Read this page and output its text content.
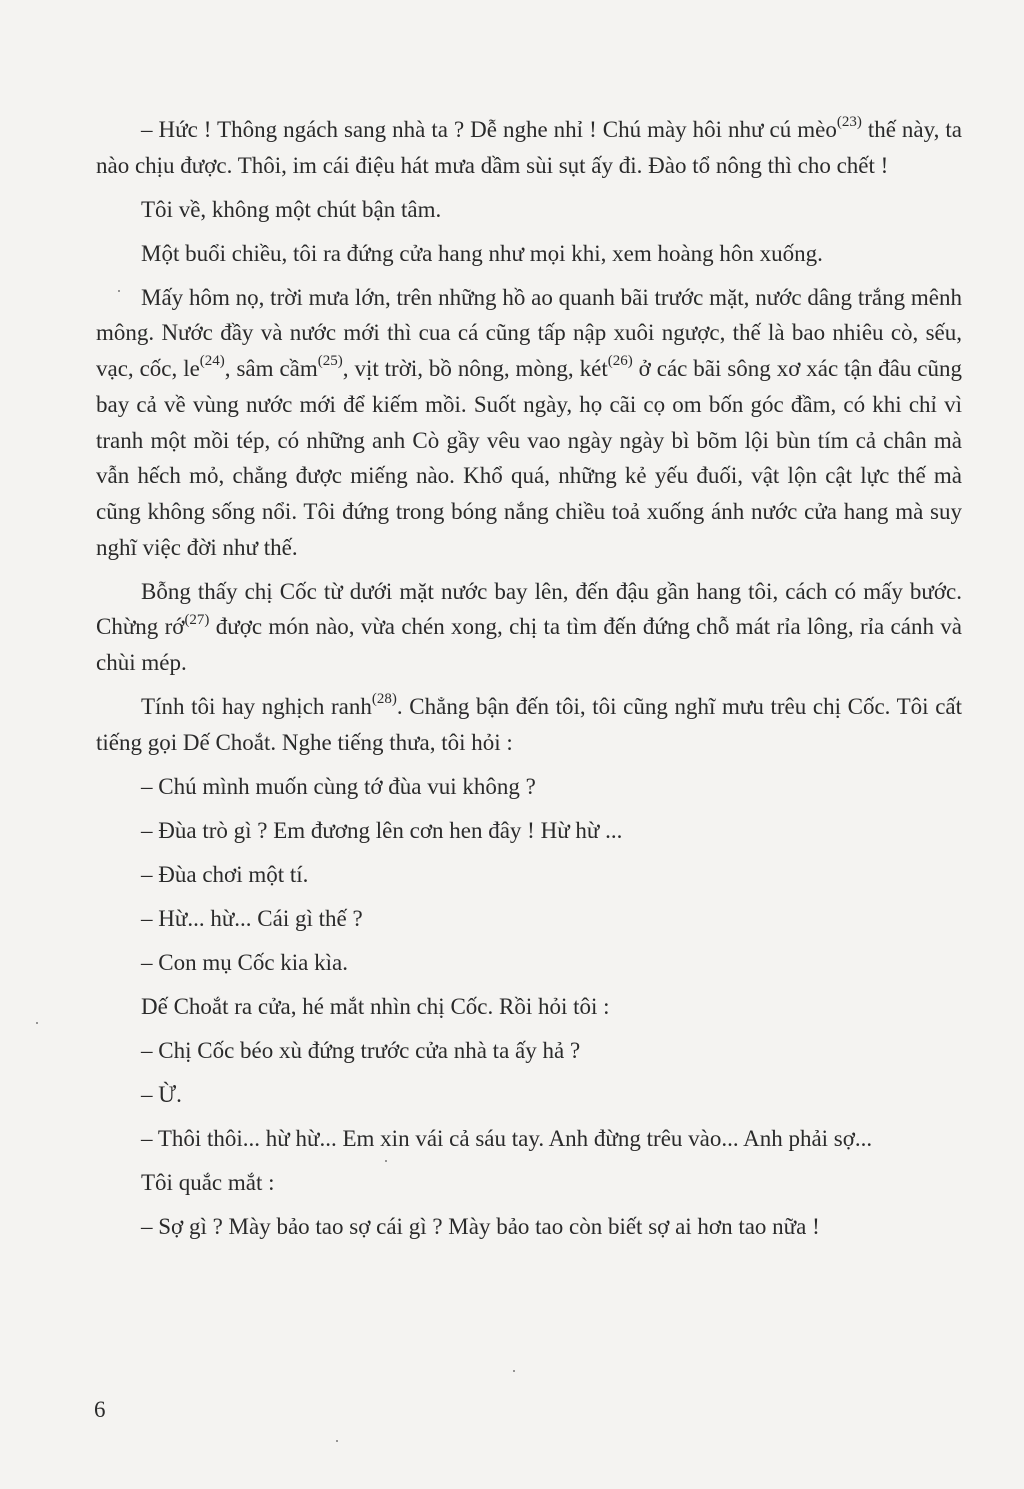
– Hức ! Thông ngách sang nhà ta ? Dễ nghe nhỉ ! Chú mày hôi như cú mèo$^{(23)}$ thế này, ta nào chịu được. Thôi, im cái điệu hát mưa dầm sùi sụt ấy đi. Đào tổ nông thì cho chết !

Tôi về, không một chút bận tâm.

Một buổi chiều, tôi ra đứng cửa hang như mọi khi, xem hoàng hôn xuống.

Mấy hôm nọ, trời mưa lớn, trên những hồ ao quanh bãi trước mặt, nước dâng trắng mênh mông. Nước đầy và nước mới thì cua cá cũng tấp nập xuôi ngược, thế là bao nhiêu cò, sếu, vạc, cốc, $le^{(24)}$, sâm cầm$^{(25)}$, vịt trời, bồ nông, mòng, két$^{(26)}$ ở các bãi sông xơ xác tận đâu cũng bay cả về vùng nước mới để kiếm mồi. Suốt ngày, họ cãi cọ om bốn góc đầm, có khi chỉ vì tranh một mồi tép, có những anh Cò gầy vêu vao ngày ngày bì bõm lội bùn tím cả chân mà vẫn hếch mỏ, chẳng được miếng nào. Khổ quá, những kẻ yếu đuối, vật lộn cật lực thế mà cũng không sống nổi. Tôi đứng trong bóng nắng chiều toả xuống ánh nước cửa hang mà suy nghĩ việc đời như thế.

Bỗng thấy chị Cốc từ dưới mặt nước bay lên, đến đậu gần hang tôi, cách có mấy bước. Chừng rớ$^{(27)}$ được món nào, vừa chén xong, chị ta tìm đến đứng chỗ mát rỉa lông, rỉa cánh và chùi mép.

Tính tôi hay nghịch ranh$^{(28)}$. Chẳng bận đến tôi, tôi cũng nghĩ mưu trêu chị Cốc. Tôi cất tiếng gọi Dế Choắt. Nghe tiếng thưa, tôi hỏi :

– Chú mình muốn cùng tớ đùa vui không ?

– Đùa trò gì ? Em đương lên cơn hen đây ! Hừ hừ ...

– Đùa chơi một tí.

– Hừ... hừ... Cái gì thế ?

– Con mụ Cốc kia kìa.

Dế Choắt ra cửa, hé mắt nhìn chị Cốc. Rồi hỏi tôi :

– Chị Cốc béo xù đứng trước cửa nhà ta ấy hả ?

– Ừ.

– Thôi thôi... hừ hừ... Em xin vái cả sáu tay. Anh đừng trêu vào... Anh phải sợ...

Tôi quắc mắt :

– Sợ gì ? Mày bảo tao sợ cái gì ? Mày bảo tao còn biết sợ ai hơn tao nữa !

6
